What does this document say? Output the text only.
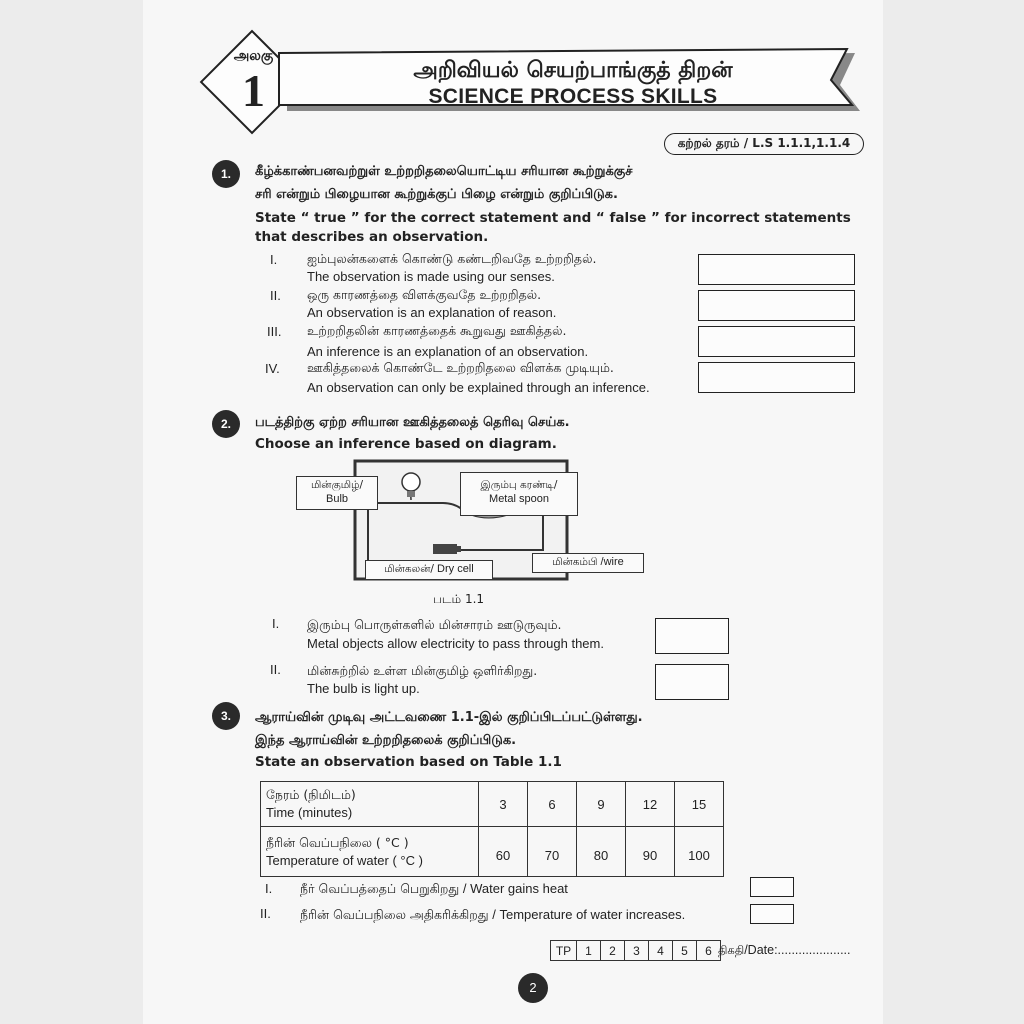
அலகு
1	அறிவியல் செயற்பாங்குத் திறன்
SCIENCE PROCESS SKILLS
கற்றல் தரம் / L.S 1.1.1,1.1.4
1.	கீழ்க்காண்பனவற்றுள் உற்றறிதலையொட்டிய சரியான கூற்றுக்குச்
சரி என்றும் பிழையான கூற்றுக்குப் பிழை என்றும் குறிப்பிடுக.
State “ true ” for the correct statement and “ false ” for incorrect statements
that describes an observation.
I. ஐம்புலன்களைக் கொண்டு கண்டறிவதே உற்றறிதல்.
The observation is made using our senses.
II. ஒரு காரணத்தை விளக்குவதே உற்றறிதல்.
An observation is an explanation of reason.
III. உற்றறிதலின் காரணத்தைக் கூறுவது ஊகித்தல்.
An inference is an explanation of an observation.
IV. ஊகித்தலைக் கொண்டே உற்றறிதலை விளக்க முடியும்.
An observation can only be explained through an inference.
2.	படத்திற்கு ஏற்ற சரியான ஊகித்தலைத் தெரிவு செய்க.
Choose an inference based on diagram.
மின்குமிழ்/
Bulb
இரும்பு கரண்டி/
Metal spoon
மின்கலன்/ Dry cell
மின்கம்பி /wire
படம் 1.1
I. இரும்பு பொருள்களில் மின்சாரம் ஊடுருவும்.
Metal objects allow electricity to pass through them.
II. மின்சுற்றில் உள்ள மின்குமிழ் ஒளிர்கிறது.
The bulb is light up.
3.	ஆராய்வின் முடிவு அட்டவணை 1.1-இல் குறிப்பிடப்பட்டுள்ளது.
இந்த ஆராய்வின் உற்றறிதலைக் குறிப்பிடுக.
State an observation based on Table 1.1
நேரம் (நிமிடம்)
Time (minutes)	3	6	9	12	15

நீரின் வெப்பநிலை ( °C )
Temperature of water ( °C )	60	70	80	90	100
I. நீர் வெப்பத்தைப் பெறுகிறது / Water gains heat
II. நீரின் வெப்பநிலை அதிகரிக்கிறது / Temperature of water increases.
TP	1	2	3	4	5	6 திகதி/Date:.....................
2
